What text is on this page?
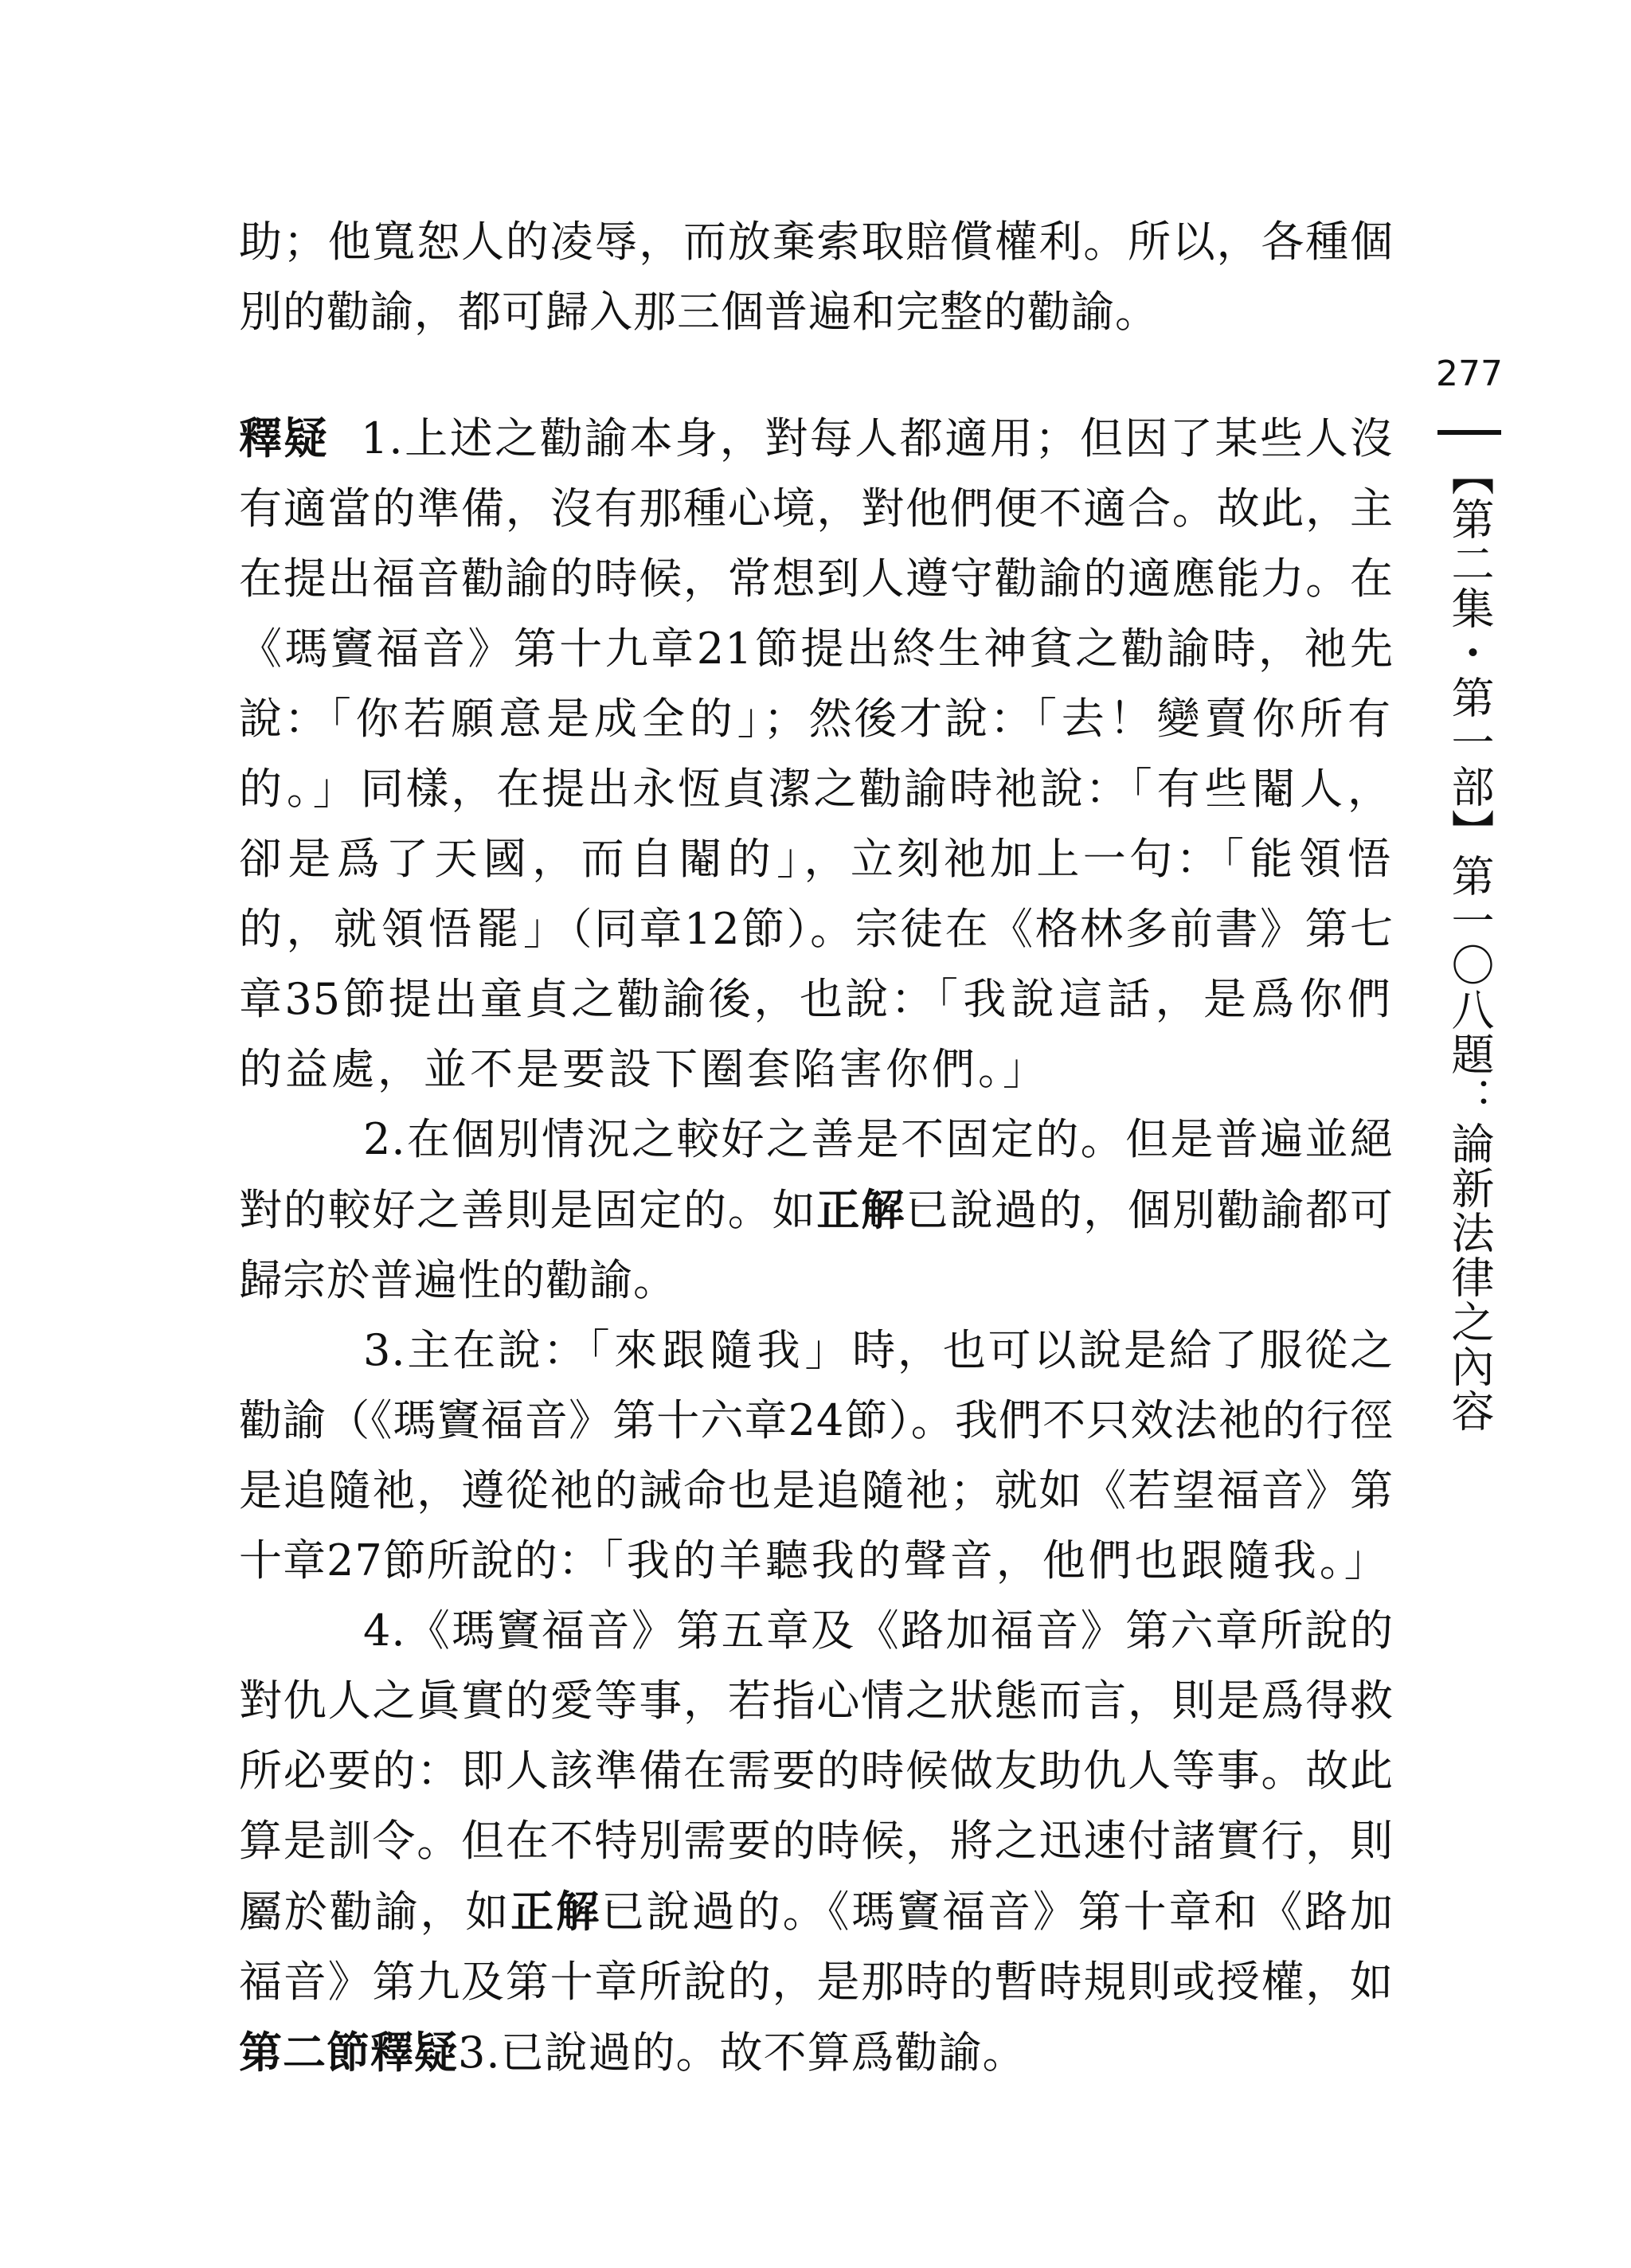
助；他寬恕人的凌辱，而放棄索取賠償權利。所以，各種個別的勸諭，都可歸入那三個普遍和完整的勸諭。

釋疑 1.上述之勸諭本身，對每人都適用；但因了某些人沒有適當的準備，沒有那種心境，對他們便不適合。故此，主在提出福音勸諭的時候，常想到人遵守勸諭的適應能力。在《瑪竇福音》第十九章21節提出終生神貧之勸諭時，祂先說：「你若願意是成全的」；然後才說：「去！變賣你所有的。」同樣，在提出永恆貞潔之勸諭時祂說：「有些閹人，卻是爲了天國，而自閹的」，立刻祂加上一句：「能領悟的，就領悟罷」（同章12節）。宗徒在《格林多前書》第七章35節提出童貞之勸諭後，也說：「我說這話，是爲你們的益處，並不是要設下圈套陷害你們。」

2.在個別情況之較好之善是不固定的。但是普遍並絕對的較好之善則是固定的。如正解已說過的，個別勸諭都可歸宗於普遍性的勸諭。

3.主在說：「來跟隨我」時，也可以說是給了服從之勸諭（《瑪竇福音》第十六章24節）。我們不只效法祂的行徑是追隨祂，遵從祂的誡命也是追隨祂；就如《若望福音》第十章27節所說的：「我的羊聽我的聲音，他們也跟隨我。」

4.《瑪竇福音》第五章及《路加福音》第六章所說的對仇人之眞實的愛等事，若指心情之狀態而言，則是爲得救所必要的：即人該準備在需要的時候做友助仇人等事。故此算是訓令。但在不特別需要的時候，將之迅速付諸實行，則屬於勸諭，如正解已說過的。《瑪竇福音》第十章和《路加福音》第九及第十章所說的，是那時的暫時規則或授權，如第二節釋疑3.已說過的。故不算爲勸諭。

277
【第二集・第一部】第一〇八題：論新法律之內容
